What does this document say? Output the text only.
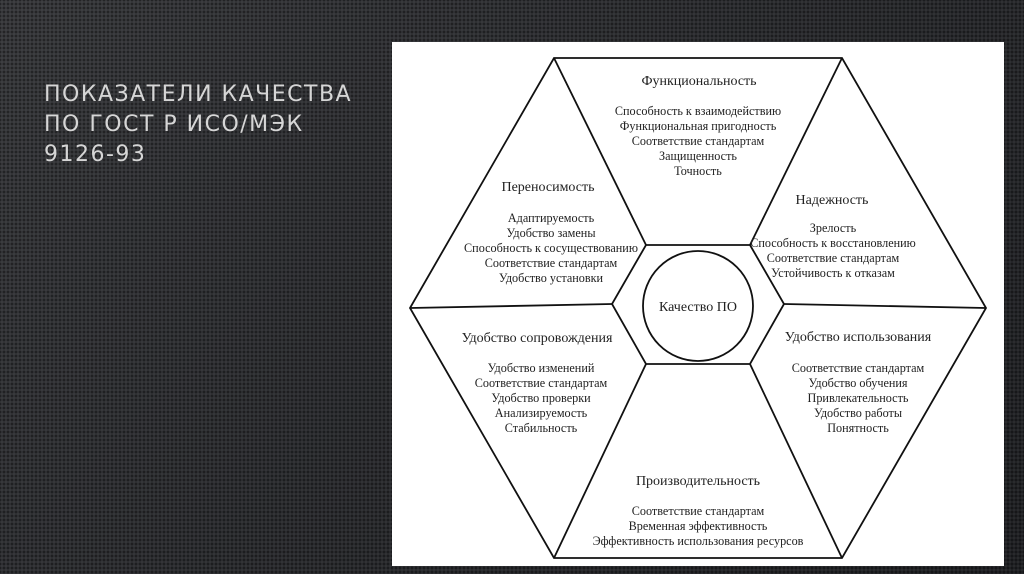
ПОКАЗАТЕЛИ КАЧЕСТВА
ПО ГОСТ Р ИСО/МЭК
9126-93
Качество ПО
Функциональность
Способность к взаимодействию
Функциональная пригодность
Соответствие стандартам
Защищенность
Точность
Надежность
Зрелость
Способность к восстановлению
Соответствие стандартам
Устойчивость к отказам
Удобство использования
Соответствие стандартам
Удобство обучения
Привлекательность
Удобство работы
Понятность
Производительность
Соответствие стандартам
Временная эффективность
Эффективность использования ресурсов
Удобство сопровождения
Удобство изменений
Соответствие стандартам
Удобство проверки
Анализируемость
Стабильность
Переносимость
Адаптируемость
Удобство замены
Способность к сосуществованию
Соответствие стандартам
Удобство установки
